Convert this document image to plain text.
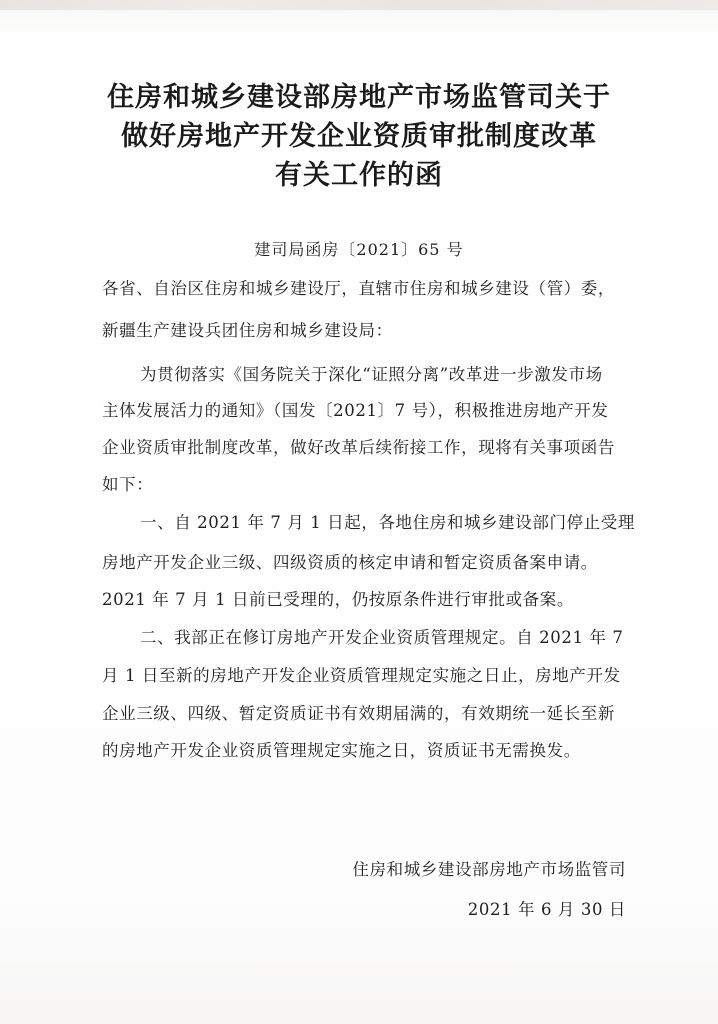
住房和城乡建设部房地产市场监管司关于
做好房地产开发企业资质审批制度改革
有关工作的函
建司局函房〔2021〕65 号
各省、自治区住房和城乡建设厅，直辖市住房和城乡建设（管）委，
新疆生产建设兵团住房和城乡建设局：
为贯彻落实《国务院关于深化“证照分离”改革进一步激发市场
主体发展活力的通知》（国发〔2021〕7 号），积极推进房地产开发
企业资质审批制度改革，做好改革后续衔接工作，现将有关事项函告
如下：
一、自 2021 年 7 月 1 日起，各地住房和城乡建设部门停止受理
房地产开发企业三级、四级资质的核定申请和暂定资质备案申请。
2021 年 7 月 1 日前已受理的，仍按原条件进行审批或备案。
二、我部正在修订房地产开发企业资质管理规定。自 2021 年 7
月 1 日至新的房地产开发企业资质管理规定实施之日止，房地产开发
企业三级、四级、暂定资质证书有效期届满的，有效期统一延长至新
的房地产开发企业资质管理规定实施之日，资质证书无需换发。
住房和城乡建设部房地产市场监管司
2021 年 6 月 30 日
